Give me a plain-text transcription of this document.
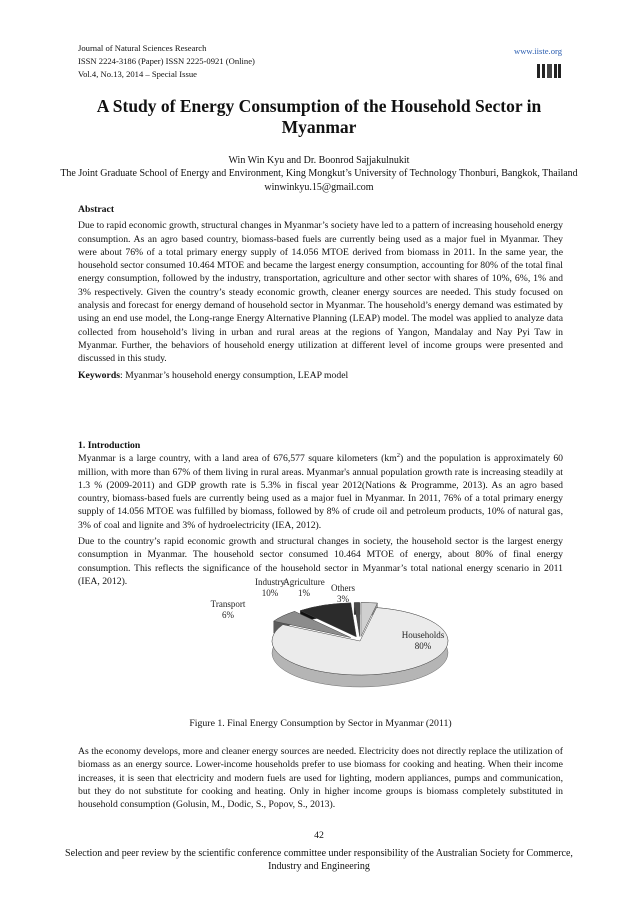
Journal of Natural Sciences Research
ISSN 2224-3186 (Paper) ISSN 2225-0921 (Online)
Vol.4, No.13, 2014 – Special Issue
www.iiste.org
A Study of Energy Consumption of the Household Sector in Myanmar
Win Win Kyu and Dr. Boonrod Sajjakulnukit
The Joint Graduate School of Energy and Environment, King Mongkut’s University of Technology Thonburi, Bangkok, Thailand
winwinkyu.15@gmail.com
Abstract
Due to rapid economic growth, structural changes in Myanmar’s society have led to a pattern of increasing household energy consumption. As an agro based country, biomass-based fuels are currently being used as a major fuel in Myanmar. They were about 76% of a total primary energy supply of 14.056 MTOE derived from biomass in 2011. In the same year, the household sector consumed 10.464 MTOE and became the largest energy consumption, accounting for 80% of the total final energy consumption, followed by the industry, transportation, agriculture and other sector with shares of 10%, 6%, 1% and 3% respectively. Given the country’s steady economic growth, cleaner energy sources are needed. This study focused on analysis and forecast for energy demand of household sector in Myanmar. The household’s energy demand was estimated by using an end use model, the Long-range Energy Alternative Planning (LEAP) model. The model was applied to analyze data collected from household’s living in urban and rural areas at the regions of Yangon, Mandalay and Nay Pyi Taw in Myanmar. Further, the behaviors of household energy utilization at different level of income groups were presented and discussed in this study.
Keywords: Myanmar’s household energy consumption, LEAP model
1. Introduction
Myanmar is a large country, with a land area of 676,577 square kilometers $(km^2)$ and the population is approximately 60 million, with more than 67% of them living in rural areas. Myanmar's annual population growth rate is increasing steadily at 1.3 % (2009-2011) and GDP growth rate is 5.3% in fiscal year 2012(Nations & Programme, 2013). As an agro based country, biomass-based fuels are currently being used as a major fuel in Myanmar. In 2011, 76% of a total primary energy supply of 14.056 MTOE was fulfilled by biomass, followed by 8% of crude oil and petroleum products, 10% of natural gas, 3% of coal and lignite and 3% of hydroelectricity (IEA, 2012).
Due to the country’s rapid economic growth and structural changes in society, the household sector is the largest energy consumption in Myanmar. The household sector consumed 10.464 MTOE of energy, about 80% of final energy consumption. This reflects the significance of the household sector in Myanmar’s total national energy scenario in 2011 (IEA, 2012).
Households
80%
Transport
6%
Industry
10%
Agriculture
1% Others
3%
Figure 1. Final Energy Consumption by Sector in Myanmar (2011)
As the economy develops, more and cleaner energy sources are needed. Electricity does not directly replace the utilization of biomass as an energy source. Lower-income households prefer to use biomass for cooking and heating. When their income increases, it is seen that electricity and modern fuels are used for lighting, modern appliances, pumps and communication, but they do not substitute for cooking and heating. Only in higher income groups is biomass completely substituted in household consumption (Golusin, M., Dodic, S., Popov, S., 2013).
42
Selection and peer review by the scientific conference committee under responsibility of the Australian Society for Commerce, Industry and Engineering
